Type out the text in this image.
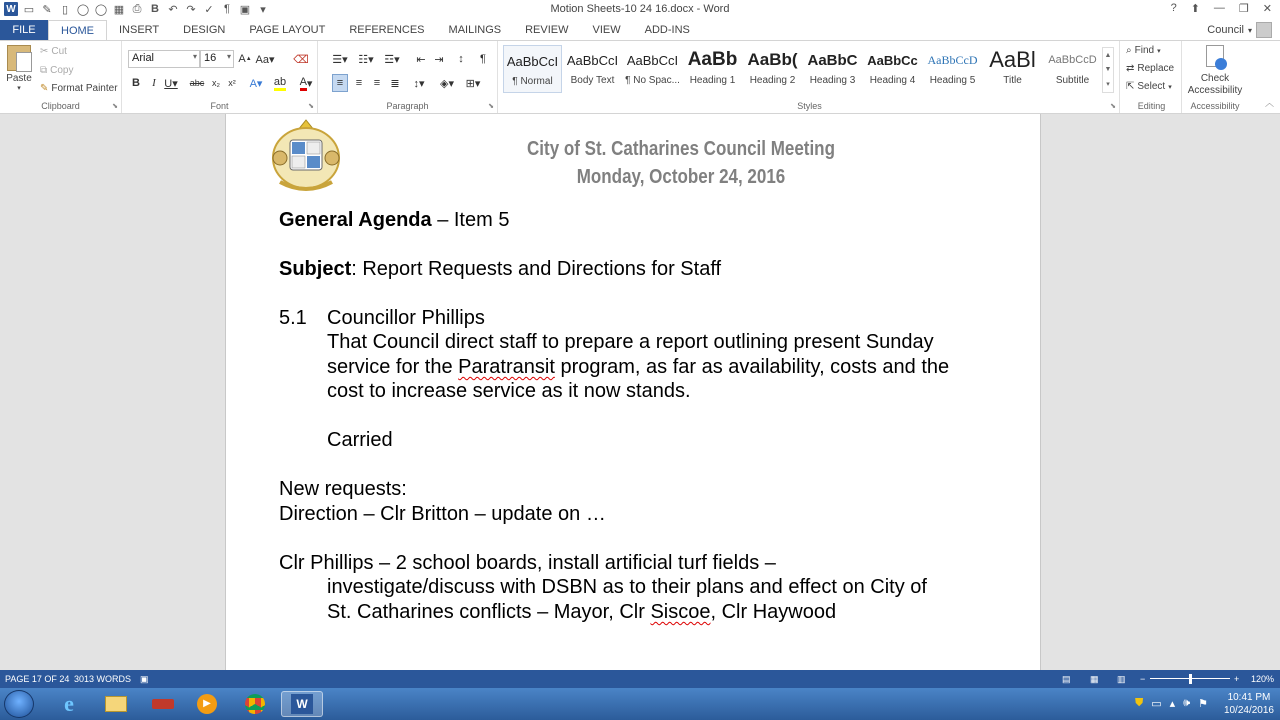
W ▭ ✎ ▯ ◯ ◯ ▦ ⎙ B ↶ ↷ ✓ ¶ ▣ ▾	Motion Sheets-10 24 16.docx - Word	? ⬆ — ❐ ✕
FILE	HOME	INSERT	DESIGN	PAGE LAYOUT	REFERENCES	MAILINGS	REVIEW	VIEW	ADD-INS	Council ▾
Paste
▾
✂ Cut
⧉ Copy
✎ Format Painter
Clipboard	⬊
Arial	▾ 16 ▾ A ▲ Aa▾ ⌫
B	I U▾ abc x₂ x² A▾ ab A ▾
Font	⬊
☰▾ ☷▾ ☲▾ ⇤ ⇥	↕	¶
≡	≡	≡ ≣	↕▾	◈▾ ⊞▾
Paragraph	⬊
AaBbCcI
¶ Normal
AaBbCcI
Body Text
AaBbCcI
¶ No Spac...
AaBb
Heading 1
AaBb(
Heading 2
AaBbC
Heading 3
AaBbCc
Heading 4
AaBbCcD
Heading 5
AaBl
Title
AaBbCcD
Subtitle
▲
▼
▾
Styles	⬊
⌕ Find ▾
⇄ Replace
⇱ Select ▾
Editing
Check
Accessibility
Accessibility	︿
City of St. Catharines Council Meeting
Monday, October 24, 2016
General Agenda – Item 5
Subject: Report Requests and Directions for Staff
5.1 Councillor Phillips
That Council direct staff to prepare a report outlining present Sunday
service for the Paratransit program, as far as availability, costs and the
cost to increase service as it now stands.
Carried
New requests:
Direction – Clr Britton – update on …
Clr Phillips – 2 school boards, install artificial turf fields –
investigate/discuss with DSBN as to their plans and effect on City of
St. Catharines conflicts – Mayor, Clr Siscoe, Clr Haywood
PAGE 17 OF 24 3013 WORDS ▣	▤ ▦ ▥ −	+ 120%
e	▶	W	⛊ ▭ ▴ 🕪 ⚑
10:41 PM
10/24/2016
